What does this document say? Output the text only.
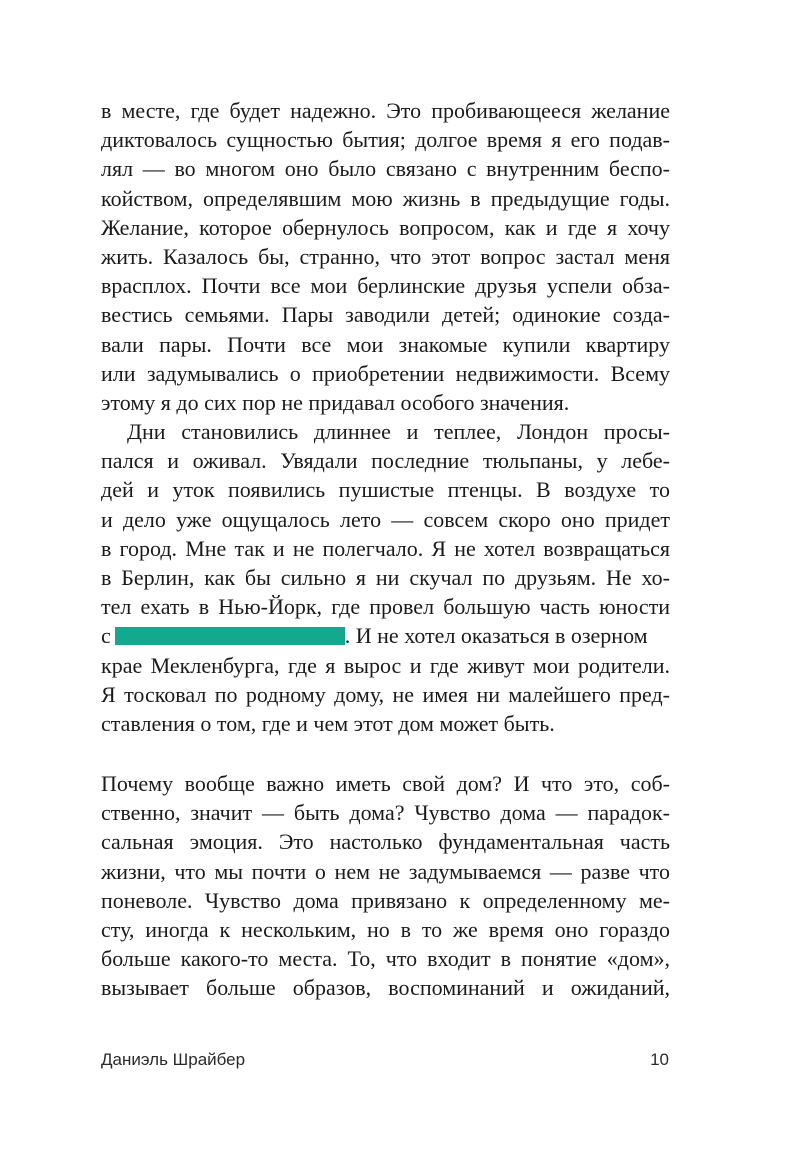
в месте, где будет надежно. Это пробивающееся желание
диктовалось сущностью бытия; долгое время я его подав-
лял — во многом оно было связано с внутренним беспо-
койством, определявшим мою жизнь в предыдущие годы.
Желание, которое обернулось вопросом, как и где я хочу
жить. Казалось бы, странно, что этот вопрос застал меня
врасплох. Почти все мои берлинские друзья успели обза-
вестись семьями. Пары заводили детей; одинокие созда-
вали пары. Почти все мои знакомые купили квартиру
или задумывались о приобретении недвижимости. Всему
этому я до сих пор не придавал особого значения.
Дни становились длиннее и теплее, Лондон просы-
пался и оживал. Увядали последние тюльпаны, у лебе-
дей и уток появились пушистые птенцы. В воздухе то
и дело уже ощущалось лето — совсем скоро оно придет
в город. Мне так и не полегчало. Я не хотел возвращаться
в Берлин, как бы сильно я ни скучал по друзьям. Не хо-
тел ехать в Нью-Йорк, где провел большую часть юности
с	. И не хотел оказаться в озерном
крае Мекленбурга, где я вырос и где живут мои родители.
Я тосковал по родному дому, не имея ни малейшего пред-
ставления о том, где и чем этот дом может быть.
Почему вообще важно иметь свой дом? И что это, соб-
ственно, значит — быть дома? Чувство дома — парадок-
сальная эмоция. Это настолько фундаментальная часть
жизни, что мы почти о нем не задумываемся — разве что
поневоле. Чувство дома привязано к определенному ме-
сту, иногда к нескольким, но в то же время оно гораздо
больше какого-то места. То, что входит в понятие «дом»,
вызывает больше образов, воспоминаний и ожиданий,
Даниэль Шрайбер	10
